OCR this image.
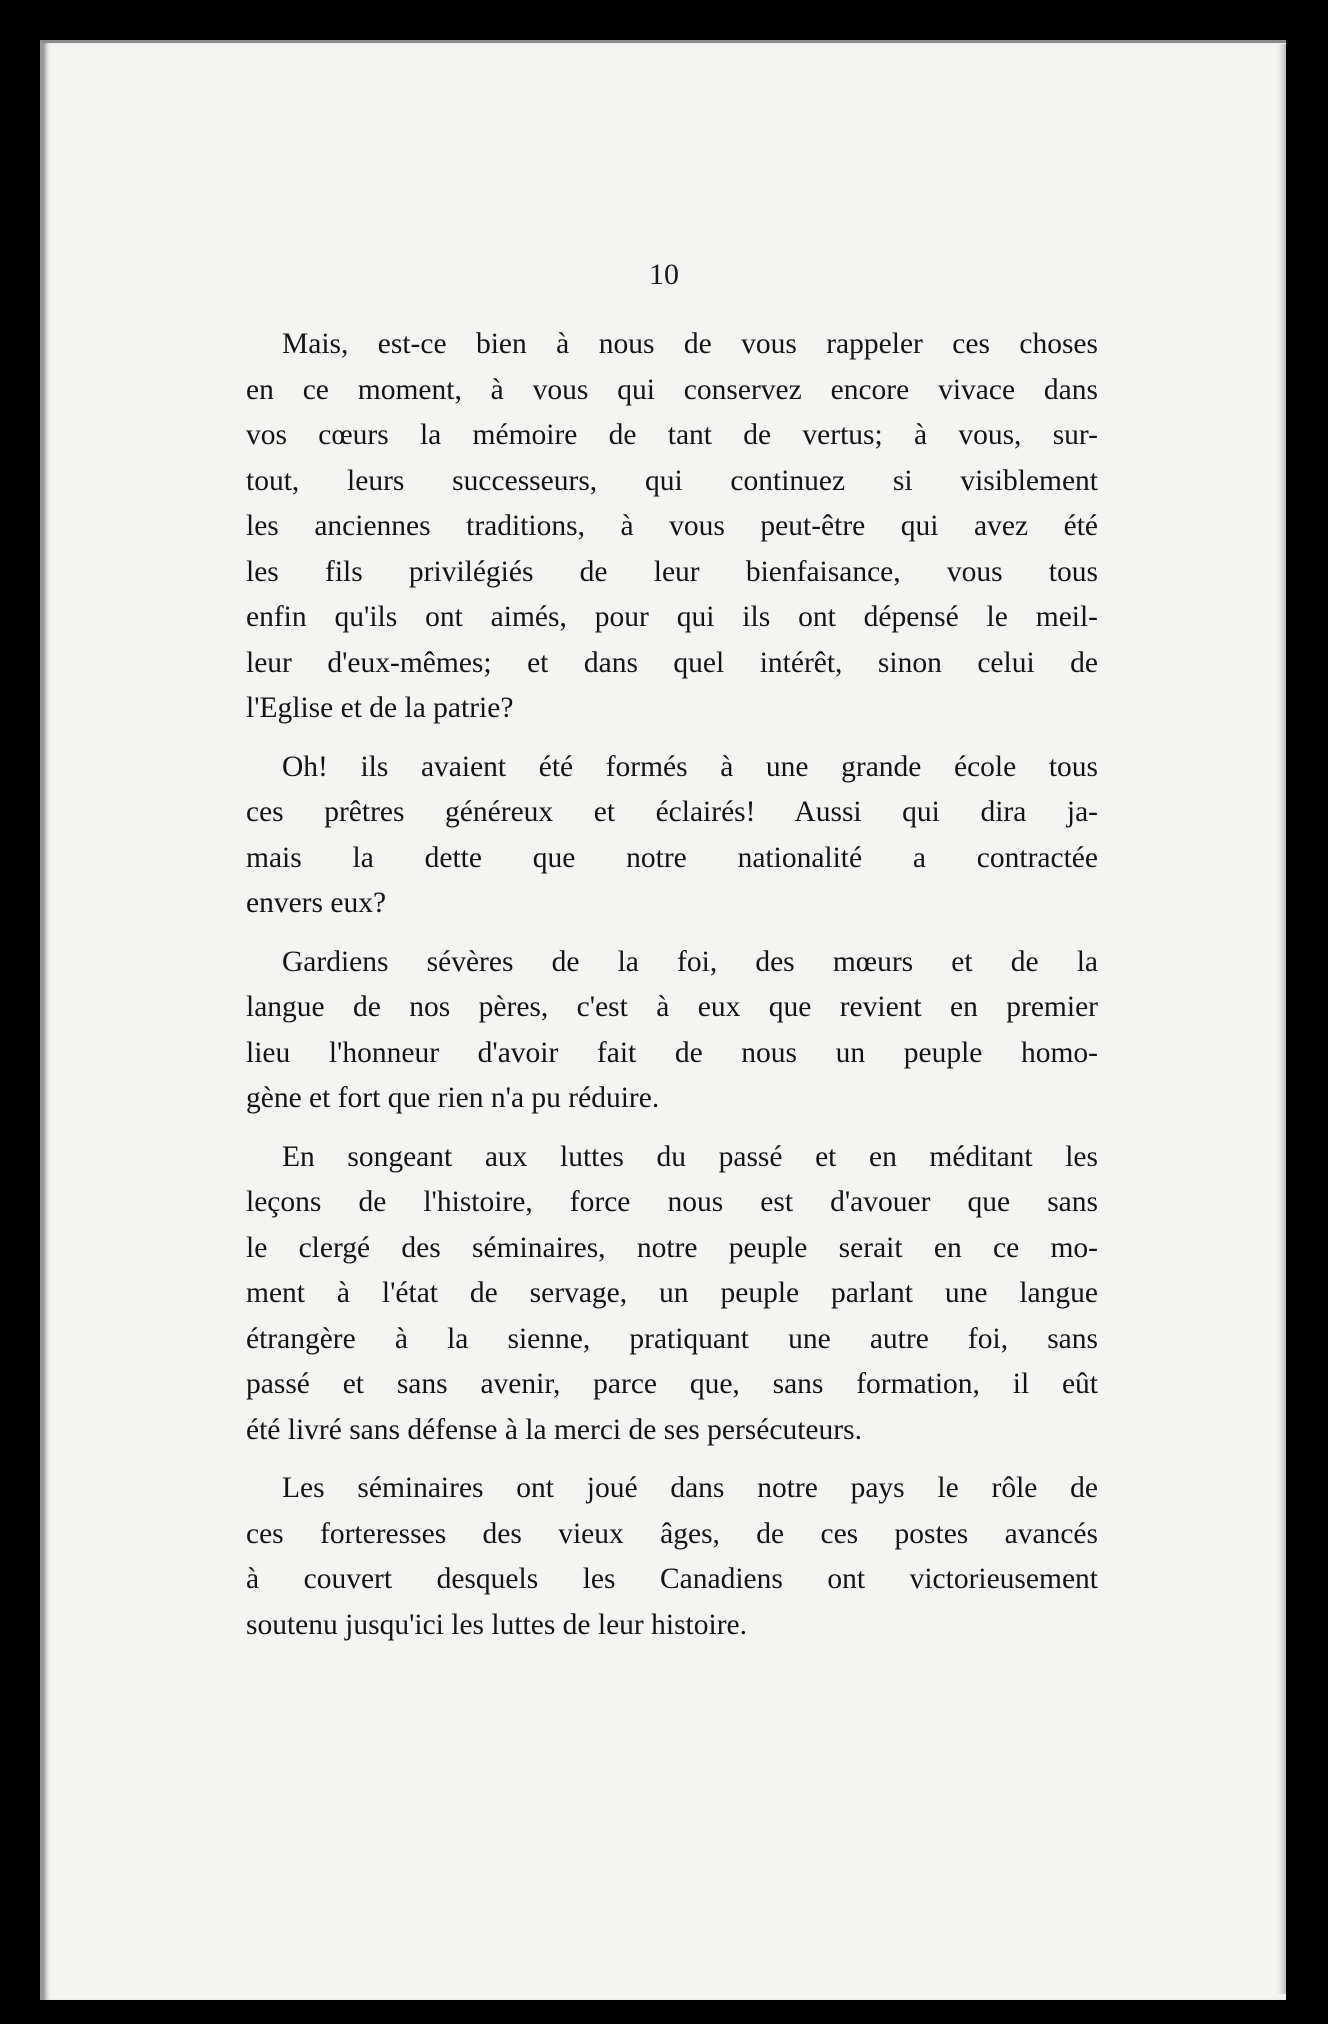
10

Mais, est-ce bien à nous de vous rappeler ces choses
en ce moment, à vous qui conservez encore vivace dans
vos cœurs la mémoire de tant de vertus; à vous, sur-
tout, leurs successeurs, qui continuez si visiblement
les anciennes traditions, à vous peut-être qui avez été
les fils privilégiés de leur bienfaisance, vous tous
enfin qu'ils ont aimés, pour qui ils ont dépensé le meil-
leur d'eux-mêmes; et dans quel intérêt, sinon celui de
l'Eglise et de la patrie?

Oh! ils avaient été formés à une grande école tous
ces prêtres généreux et éclairés! Aussi qui dira ja-
mais la dette que notre nationalité a contractée
envers eux?

Gardiens sévères de la foi, des mœurs et de la
langue de nos pères, c'est à eux que revient en premier
lieu l'honneur d'avoir fait de nous un peuple homo-
gène et fort que rien n'a pu réduire.

En songeant aux luttes du passé et en méditant les
leçons de l'histoire, force nous est d'avouer que sans
le clergé des séminaires, notre peuple serait en ce mo-
ment à l'état de servage, un peuple parlant une langue
étrangère à la sienne, pratiquant une autre foi, sans
passé et sans avenir, parce que, sans formation, il eût
été livré sans défense à la merci de ses persécuteurs.

Les séminaires ont joué dans notre pays le rôle de
ces forteresses des vieux âges, de ces postes avancés
à couvert desquels les Canadiens ont victorieusement
soutenu jusqu'ici les luttes de leur histoire.
